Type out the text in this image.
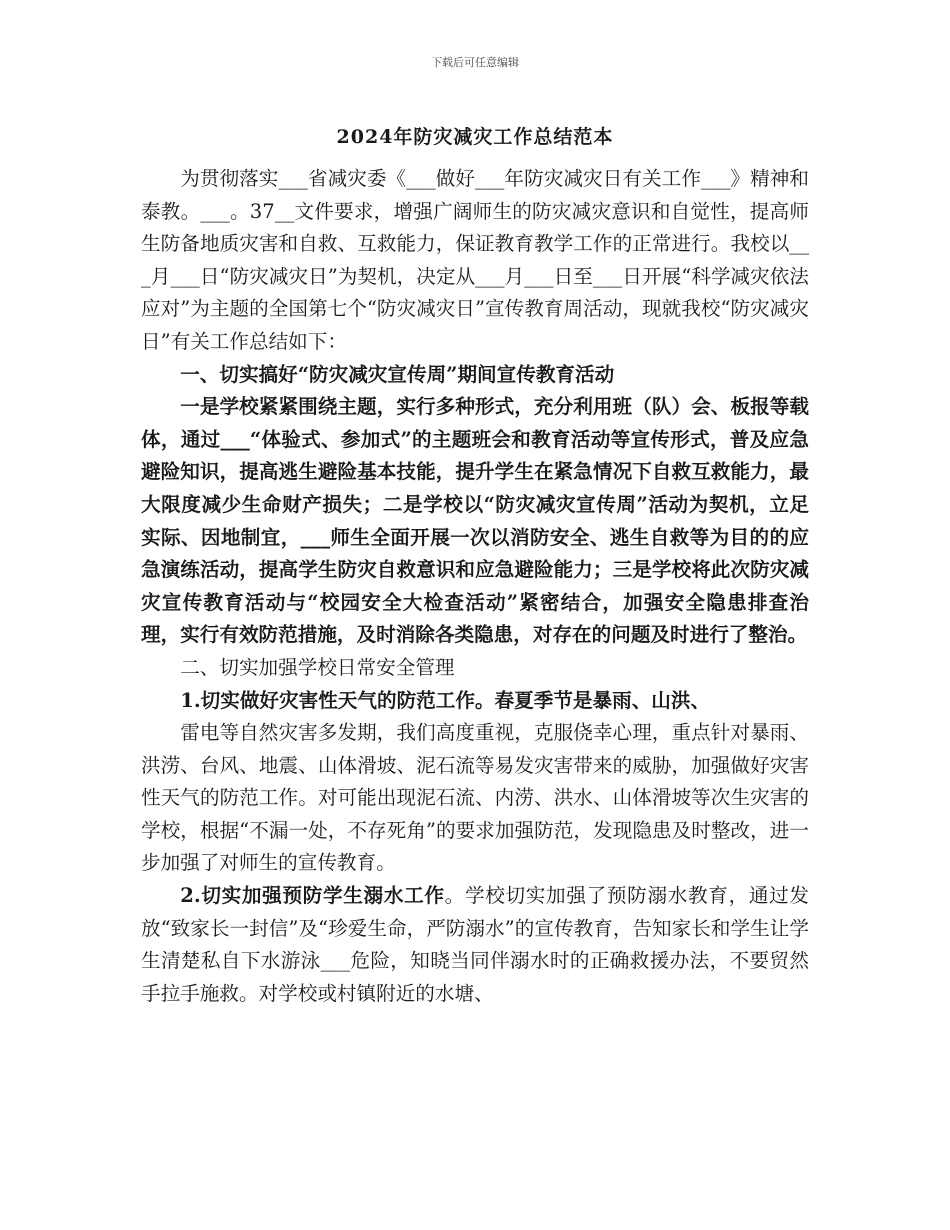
下载后可任意编辑
2024年防灾减灾工作总结范本

为贯彻落实___省减灾委《___做好___年防灾减灾日有关工作___》精神和泰教。___。37__文件要求，增强广阔师生的防灾减灾意识和自觉性，提高师生防备地质灾害和自救、互救能力，保证教育教学工作的正常进行。我校以___月___日“防灾减灾日”为契机，决定从___月___日至___日开展“科学减灾依法应对”为主题的全国第七个“防灾减灾日”宣传教育周活动，现就我校“防灾减灾日”有关工作总结如下：

一、切实搞好“防灾减灾宣传周”期间宣传教育活动

一是学校紧紧围绕主题，实行多种形式，充分利用班（队）会、板报等载体，通过___“体验式、参加式”的主题班会和教育活动等宣传形式，普及应急避险知识，提高逃生避险基本技能，提升学生在紧急情况下自救互救能力，最大限度减少生命财产损失；二是学校以“防灾减灾宣传周”活动为契机，立足实际、因地制宜，___师生全面开展一次以消防安全、逃生自救等为目的的应急演练活动，提高学生防灾自救意识和应急避险能力；三是学校将此次防灾减灾宣传教育活动与“校园安全大检查活动”紧密结合，加强安全隐患排查治理，实行有效防范措施，及时消除各类隐患，对存在的问题及时进行了整治。

二、切实加强学校日常安全管理

1.切实做好灾害性天气的防范工作。春夏季节是暴雨、山洪、

雷电等自然灾害多发期，我们高度重视，克服侥幸心理，重点针对暴雨、洪涝、台风、地震、山体滑坡、泥石流等易发灾害带来的威胁，加强做好灾害性天气的防范工作。对可能出现泥石流、内涝、洪水、山体滑坡等次生灾害的学校，根据“不漏一处，不存死角”的要求加强防范，发现隐患及时整改，进一步加强了对师生的宣传教育。

2.切实加强预防学生溺水工作。学校切实加强了预防溺水教育，通过发放“致家长一封信”及“珍爱生命，严防溺水”的宣传教育，告知家长和学生让学生清楚私自下水游泳___危险，知晓当同伴溺水时的正确救援办法，不要贸然手拉手施救。对学校或村镇附近的水塘、
